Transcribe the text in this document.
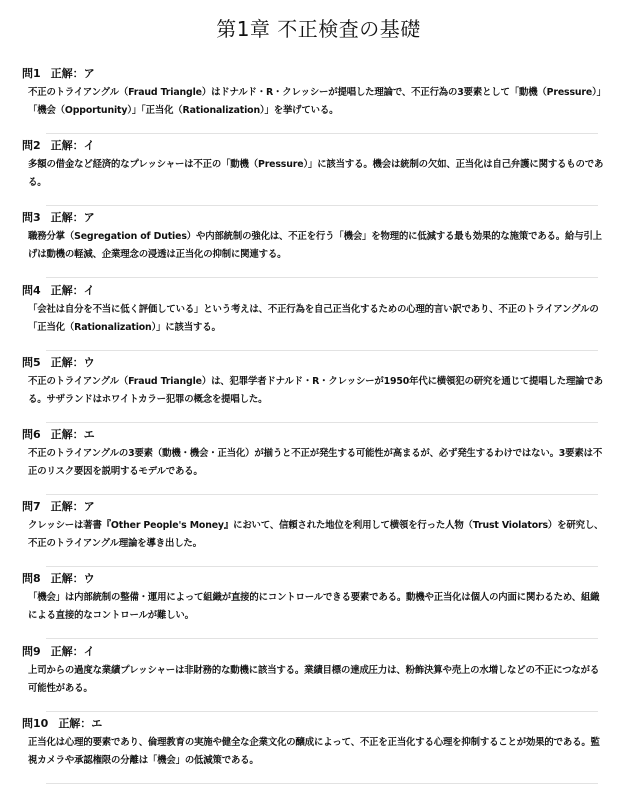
第1章 不正検査の基礎
問1 正解：ア

不正のトライアングル（Fraud Triangle）はドナルド・R・クレッシーが提唱した理論で、不正行為の3要素として「動機（Pressure）」「機会（Opportunity）」「正当化（Rationalization）」を挙げている。

問2 正解：イ

多額の借金など経済的なプレッシャーは不正の「動機（Pressure）」に該当する。機会は統制の欠如、正当化は自己弁護に関するものである。

問3 正解：ア

職務分掌（Segregation of Duties）や内部統制の強化は、不正を行う「機会」を物理的に低減する最も効果的な施策である。給与引上げは動機の軽減、企業理念の浸透は正当化の抑制に関連する。

問4 正解：イ

「会社は自分を不当に低く評価している」という考えは、不正行為を自己正当化するための心理的言い訳であり、不正のトライアングルの「正当化（Rationalization）」に該当する。

問5 正解：ウ

不正のトライアングル（Fraud Triangle）は、犯罪学者ドナルド・R・クレッシーが1950年代に横領犯の研究を通じて提唱した理論である。サザランドはホワイトカラー犯罪の概念を提唱した。

問6 正解：エ

不正のトライアングルの3要素（動機・機会・正当化）が揃うと不正が発生する可能性が高まるが、必ず発生するわけではない。3要素は不正のリスク要因を説明するモデルである。

問7 正解：ア

クレッシーは著書『Other People's Money』において、信頼された地位を利用して横領を行った人物（Trust Violators）を研究し、不正のトライアングル理論を導き出した。

問8 正解：ウ

「機会」は内部統制の整備・運用によって組織が直接的にコントロールできる要素である。動機や正当化は個人の内面に関わるため、組織による直接的なコントロールが難しい。

問9 正解：イ

上司からの過度な業績プレッシャーは非財務的な動機に該当する。業績目標の達成圧力は、粉飾決算や売上の水増しなどの不正につながる可能性がある。

問10 正解：エ

正当化は心理的要素であり、倫理教育の実施や健全な企業文化の醸成によって、不正を正当化する心理を抑制することが効果的である。監視カメラや承認権限の分離は「機会」の低減策である。
